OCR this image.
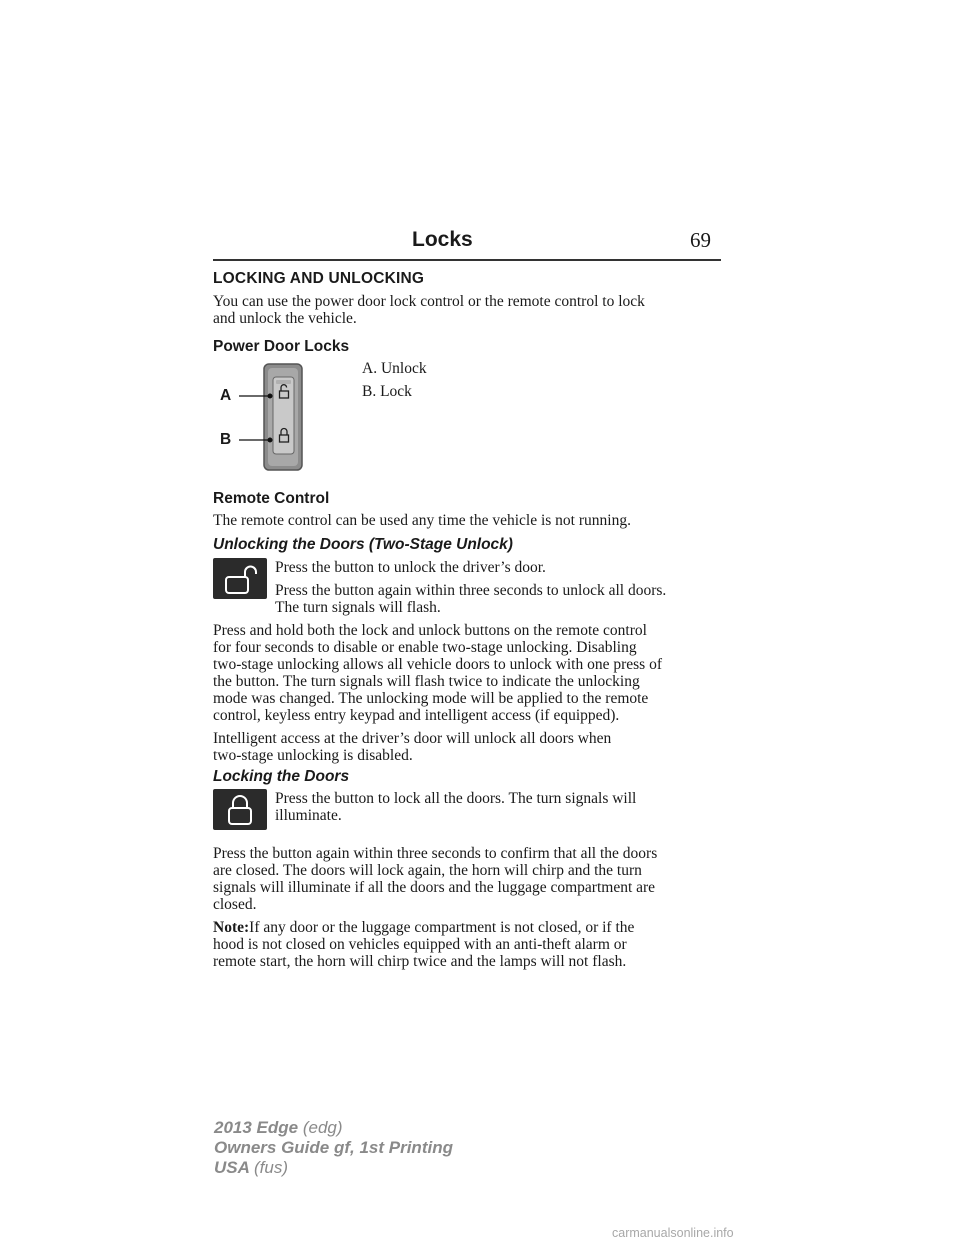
Locks	69
LOCKING AND UNLOCKING
You can use the power door lock control or the remote control to lock
and unlock the vehicle.
Power Door Locks
A
B
A. Unlock
B. Lock
Remote Control
The remote control can be used any time the vehicle is not running.
Unlocking the Doors (Two-Stage Unlock)
Press the button to unlock the driver’s door.
Press the button again within three seconds to unlock all doors.
The turn signals will flash.
Press and hold both the lock and unlock buttons on the remote control
for four seconds to disable or enable two-stage unlocking. Disabling
two-stage unlocking allows all vehicle doors to unlock with one press of
the button. The turn signals will flash twice to indicate the unlocking
mode was changed. The unlocking mode will be applied to the remote
control, keyless entry keypad and intelligent access (if equipped).
Intelligent access at the driver’s door will unlock all doors when
two-stage unlocking is disabled.
Locking the Doors
Press the button to lock all the doors. The turn signals will
illuminate.
Press the button again within three seconds to confirm that all the doors
are closed. The doors will lock again, the horn will chirp and the turn
signals will illuminate if all the doors and the luggage compartment are
closed.
Note:If any door or the luggage compartment is not closed, or if the
hood is not closed on vehicles equipped with an anti-theft alarm or
remote start, the horn will chirp twice and the lamps will not flash.
2013 Edge (edg)
Owners Guide gf, 1st Printing
USA (fus)
carmanualsonline.info
